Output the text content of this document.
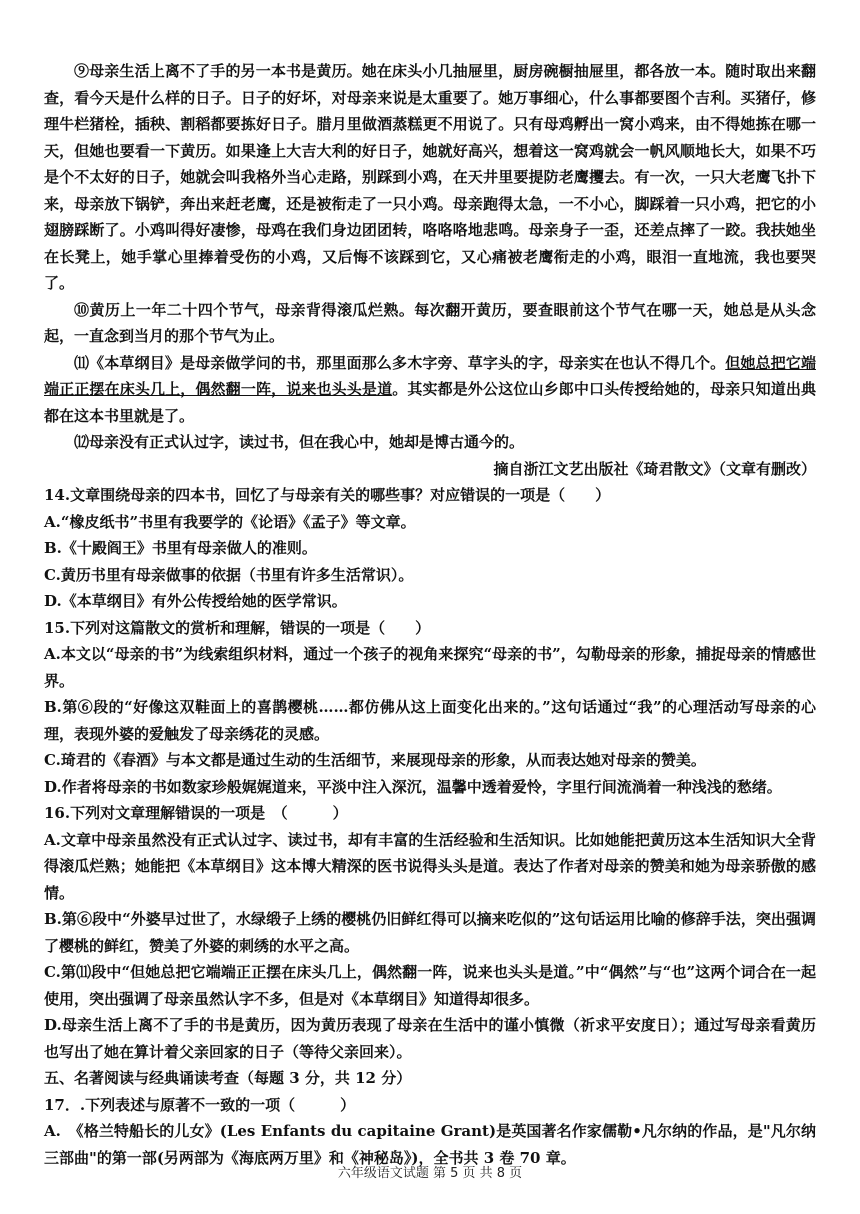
⑨母亲生活上离不了手的另一本书是黄历。她在床头小几抽屉里，厨房碗橱抽屉里，都各放一本。随时取出来翻查，看今天是什么样的日子。日子的好坏，对母亲来说是太重要了。她万事细心，什么事都要图个吉利。买猪仔，修理牛栏猪栓，插秧、割稻都要拣好日子。腊月里做酒蒸糕更不用说了。只有母鸡孵出一窝小鸡来，由不得她拣在哪一天，但她也要看一下黄历。如果逢上大吉大利的好日子，她就好高兴，想着这一窝鸡就会一帆风顺地长大，如果不巧是个不太好的日子，她就会叫我格外当心走路，别踩到小鸡，在天井里要提防老鹰攫去。有一次，一只大老鹰飞扑下来，母亲放下锅铲，奔出来赶老鹰，还是被衔走了一只小鸡。母亲跑得太急，一不小心，脚踩着一只小鸡，把它的小翅膀踩断了。小鸡叫得好凄惨，母鸡在我们身边团团转，咯咯咯地悲鸣。母亲身子一歪，还差点摔了一跤。我扶她坐在长凳上，她手掌心里捧着受伤的小鸡，又后悔不该踩到它，又心痛被老鹰衔走的小鸡，眼泪一直地流，我也要哭了。

⑩黄历上一年二十四个节气，母亲背得滚瓜烂熟。每次翻开黄历，要查眼前这个节气在哪一天，她总是从头念起，一直念到当月的那个节气为止。

⑾《本草纲目》是母亲做学问的书，那里面那么多木字旁、草字头的字，母亲实在也认不得几个。但她总把它端端正正摆在床头几上，偶然翻一阵，说来也头头是道。其实都是外公这位山乡郎中口头传授给她的，母亲只知道出典都在这本书里就是了。

⑿母亲没有正式认过字，读过书，但在我心中，她却是博古通今的。

摘自浙江文艺出版社《琦君散文》（文章有删改）

14.文章围绕母亲的四本书，回忆了与母亲有关的哪些事？对应错误的一项是（　　）

A.“橡皮纸书”书里有我要学的《论语》《孟子》等文章。

B.《十殿阎王》书里有母亲做人的准则。

C.黄历书里有母亲做事的依据（书里有许多生活常识）。

D.《本草纲目》有外公传授给她的医学常识。

15.下列对这篇散文的赏析和理解，错误的一项是（　　）

A.本文以“母亲的书”为线索组织材料，通过一个孩子的视角来探究“母亲的书”，勾勒母亲的形象，捕捉母亲的情感世界。

B.第⑥段的“好像这双鞋面上的喜鹊樱桃……都仿佛从这上面变化出来的。”这句话通过“我”的心理活动写母亲的心理，表现外婆的爱触发了母亲绣花的灵感。

C.琦君的《春酒》与本文都是通过生动的生活细节，来展现母亲的形象，从而表达她对母亲的赞美。

D.作者将母亲的书如数家珍般娓娓道来，平淡中注入深沉，温馨中透着爱怜，字里行间流淌着一种浅浅的愁绪。

16.下列对文章理解错误的一项是　（　　　）

A.文章中母亲虽然没有正式认过字、读过书，却有丰富的生活经验和生活知识。比如她能把黄历这本生活知识大全背得滚瓜烂熟；她能把《本草纲目》这本博大精深的医书说得头头是道。表达了作者对母亲的赞美和她为母亲骄傲的感情。

B.第⑥段中“外婆早过世了，水绿缎子上绣的樱桃仍旧鲜红得可以摘来吃似的”这句话运用比喻的修辞手法，突出强调了樱桃的鲜红，赞美了外婆的刺绣的水平之高。

C.第⑾段中“但她总把它端端正正摆在床头几上，偶然翻一阵，说来也头头是道。”中“偶然”与“也”这两个词合在一起使用，突出强调了母亲虽然认字不多，但是对《本草纲目》知道得却很多。

D.母亲生活上离不了手的书是黄历，因为黄历表现了母亲在生活中的谨小慎微（祈求平安度日）；通过写母亲看黄历也写出了她在算计着父亲回家的日子（等待父亲回来）。

五、名著阅读与经典诵读考查（每题 3 分，共 12 分）

17．.下列表述与原著不一致的一项（　　　）

A.　《格兰特船长的儿女》(Les Enfants du capitaine Grant)是英国著名作家儒勒•凡尔纳的作品，是"凡尔纳三部曲"的第一部(另两部为《海底两万里》和《神秘岛》)，全书共 3 卷 70 章。

六年级语文试题 第 5 页 共 8 页
